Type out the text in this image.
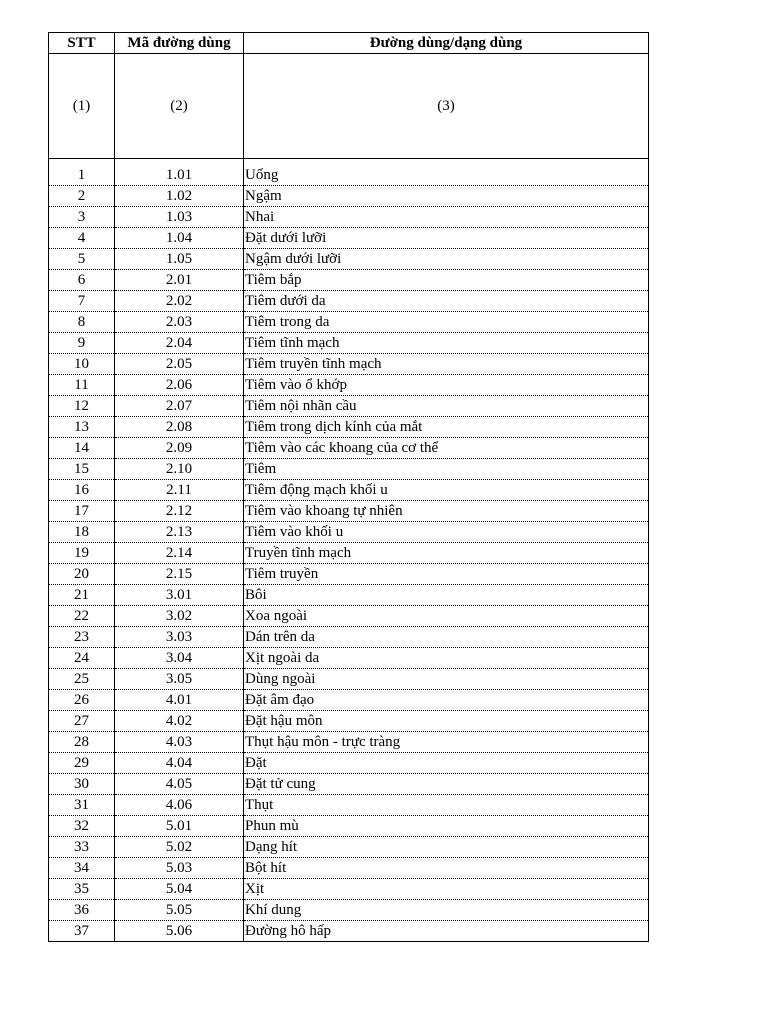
STT	Mã đường dùng	Đường dùng/dạng dùng
(1)	(2)	(3)
1	1.01	Uống
2	1.02	Ngậm
3	1.03	Nhai
4	1.04	Đặt dưới lưỡi
5	1.05	Ngậm dưới lưỡi
6	2.01	Tiêm bắp
7	2.02	Tiêm dưới da
8	2.03	Tiêm trong da
9	2.04	Tiêm tĩnh mạch
10	2.05	Tiêm truyền tĩnh mạch
11	2.06	Tiêm vào ổ khớp
12	2.07	Tiêm nội nhãn cầu
13	2.08	Tiêm trong dịch kính của mắt
14	2.09	Tiêm vào các khoang của cơ thể
15	2.10	Tiêm
16	2.11	Tiêm động mạch khối u
17	2.12	Tiêm vào khoang tự nhiên
18	2.13	Tiêm vào khối u
19	2.14	Truyền tĩnh mạch
20	2.15	Tiêm truyền
21	3.01	Bôi
22	3.02	Xoa ngoài
23	3.03	Dán trên da
24	3.04	Xịt ngoài da
25	3.05	Dùng ngoài
26	4.01	Đặt âm đạo
27	4.02	Đặt hậu môn
28	4.03	Thụt hậu môn - trực tràng
29	4.04	Đặt
30	4.05	Đặt tử cung
31	4.06	Thụt
32	5.01	Phun mù
33	5.02	Dạng hít
34	5.03	Bột hít
35	5.04	Xịt
36	5.05	Khí dung
37	5.06	Đường hô hấp
